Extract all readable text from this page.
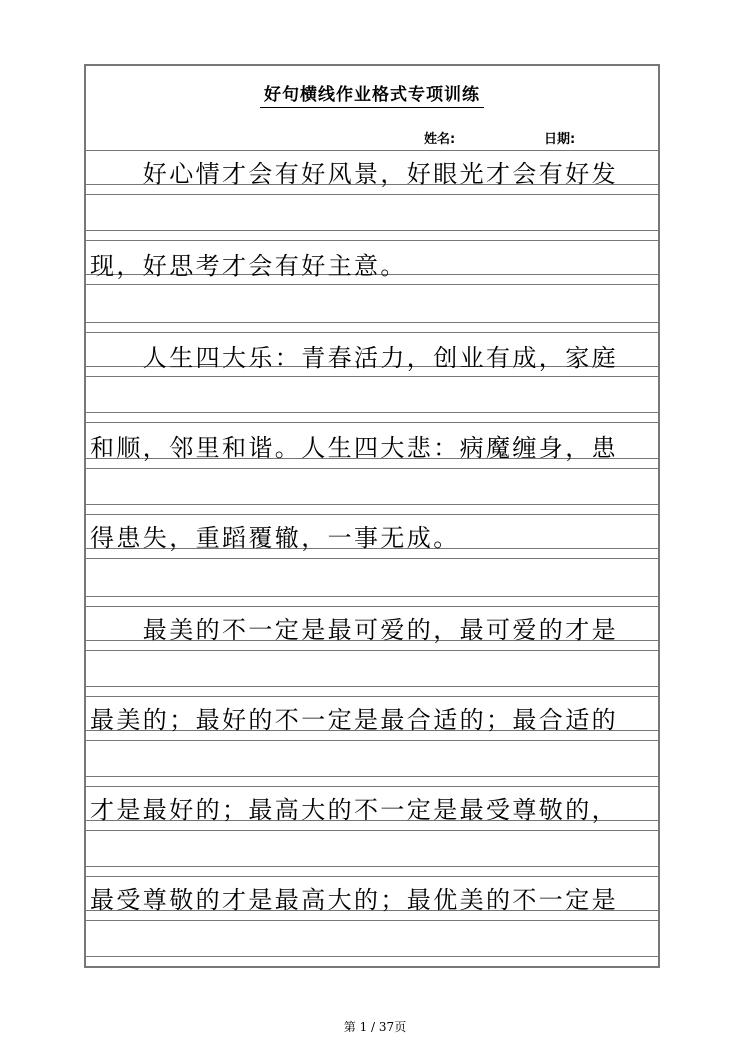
好句横线作业格式专项训练
姓名:	日期:
　　好心情才会有好风景，好眼光才会有好发
现，好思考才会有好主意。
　　人生四大乐：青春活力，创业有成，家庭
和顺，邻里和谐。人生四大悲：病魔缠身，患
得患失，重蹈覆辙，一事无成。
　　最美的不一定是最可爱的，最可爱的才是
最美的；最好的不一定是最合适的；最合适的
才是最好的；最高大的不一定是最受尊敬的，
最受尊敬的才是最高大的；最优美的不一定是
第 1 / 37页
